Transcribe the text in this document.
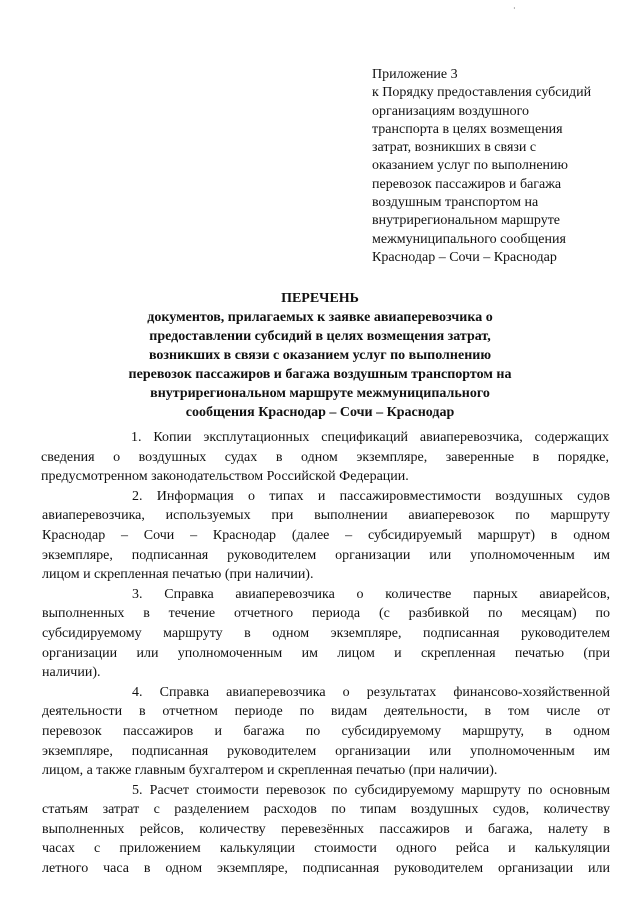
·
Приложение 3
к Порядку предоставления субсидий
организациям воздушного
транспорта в целях возмещения
затрат, возникших в связи с
оказанием услуг по выполнению
перевозок пассажиров и багажа
воздушным транспортом на
внутрирегиональном маршруте
межмуниципального сообщения
Краснодар – Сочи – Краснодар
ПЕРЕЧЕНЬ
документов, прилагаемых к заявке авиаперевозчика о
предоставлении субсидий в целях возмещения затрат,
возникших в связи с оказанием услуг по выполнению
перевозок пассажиров и багажа воздушным транспортом на
внутрирегиональном маршруте межмуниципального
сообщения Краснодар – Сочи – Краснодар
1. Копии эксплутационных спецификаций авиаперевозчика, содержащих
сведения о воздушных судах в одном экземпляре, заверенные в порядке,
предусмотренном законодательством Российской Федерации.
2. Информация о типах и пассажировместимости воздушных судов
авиаперевозчика, используемых при выполнении авиаперевозок по маршруту
Краснодар – Сочи – Краснодар (далее – субсидируемый маршрут) в одном
экземпляре, подписанная руководителем организации или уполномоченным им
лицом и скрепленная печатью (при наличии).
3. Справка авиаперевозчика о количестве парных авиарейсов,
выполненных в течение отчетного периода (с разбивкой по месяцам) по
субсидируемому маршруту в одном экземпляре, подписанная руководителем
организации или уполномоченным им лицом и скрепленная печатью (при
наличии).
4. Справка авиаперевозчика о результатах финансово-хозяйственной
деятельности в отчетном периоде по видам деятельности, в том числе от
перевозок пассажиров и багажа по субсидируемому маршруту, в одном
экземпляре, подписанная руководителем организации или уполномоченным им
лицом, а также главным бухгалтером и скрепленная печатью (при наличии).
5. Расчет стоимости перевозок по субсидируемому маршруту по основным
статьям затрат с разделением расходов по типам воздушных судов, количеству
выполненных рейсов, количеству перевезённых пассажиров и багажа, налету в
часах с приложением калькуляции стоимости одного рейса и калькуляции
летного часа в одном экземпляре, подписанная руководителем организации или
